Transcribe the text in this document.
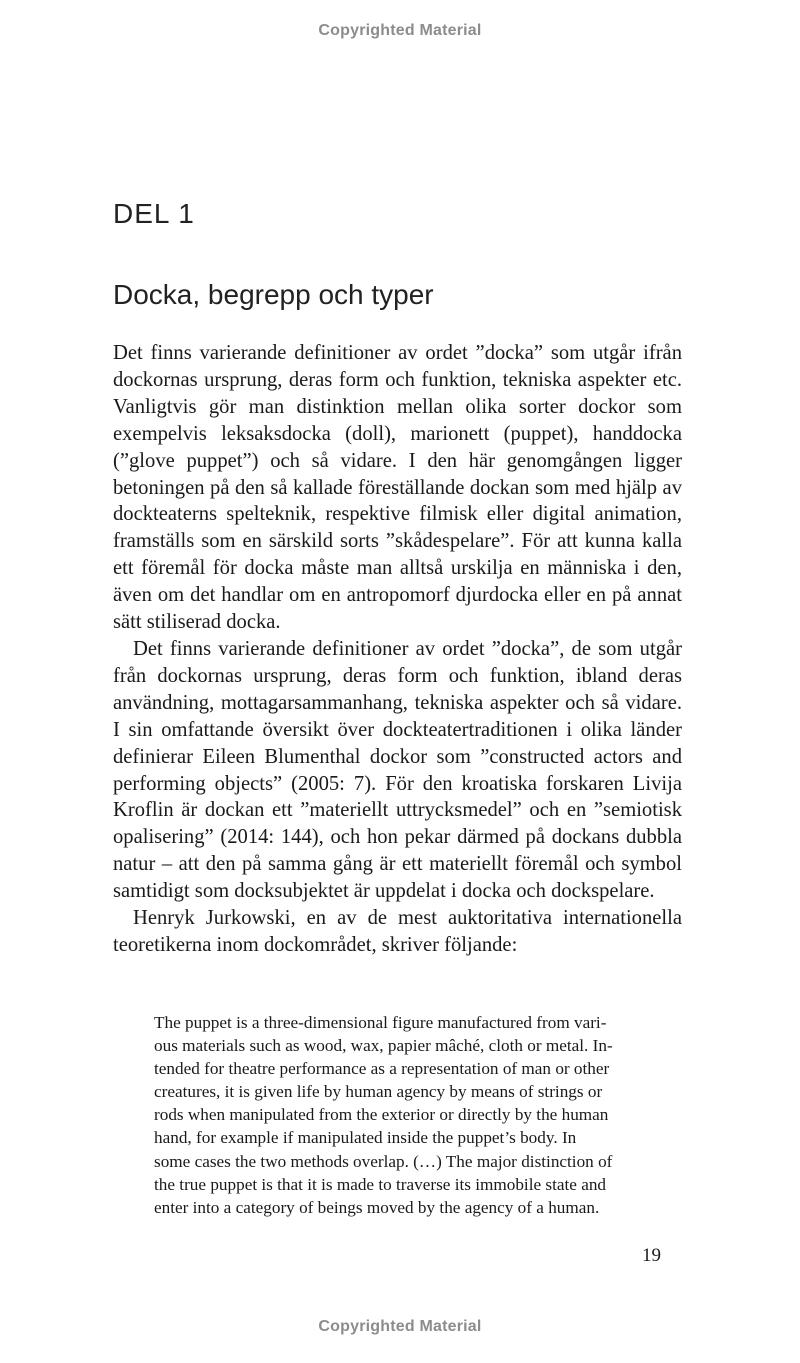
Copyrighted Material
DEL 1
Docka, begrepp och typer

Det finns varierande definitioner av ordet ”docka” som utgår ifrån dockornas ursprung, deras form och funktion, tekniska aspekter etc. Vanligtvis gör man distinktion mellan olika sorter dockor som exempelvis leksaksdocka (doll), marionett (puppet), handdocka (”glove puppet”) och så vidare. I den här genomgången ligger betoningen på den så kallade föreställande dockan som med hjälp av dockteaterns spelteknik, respektive filmisk eller digital animation, framställs som en särskild sorts ”skådespelare”. För att kunna kalla ett föremål för docka måste man alltså urskilja en människa i den, även om det handlar om en antropomorf djurdocka eller en på annat sätt stiliserad docka.

Det finns varierande definitioner av ordet ”docka”, de som utgår från dockornas ursprung, deras form och funktion, ibland deras användning, mottagarsammanhang, tekniska aspekter och så vidare. I sin omfattande översikt över dockteatertraditionen i olika länder definierar Eileen Blumenthal dockor som ”constructed actors and performing objects” (2005: 7). För den kroatiska forskaren Livija Kroflin är dockan ett ”materiellt uttrycksmedel” och en ”semiotisk opalisering” (2014: 144), och hon pekar därmed på dockans dubbla natur – att den på samma gång är ett materiellt föremål och symbol samtidigt som docksubjektet är uppdelat i docka och dockspelare.

Henryk Jurkowski, en av de mest auktoritativa internationella teoretikerna inom dockområdet, skriver följande:

The puppet is a three-dimensional figure manufactured from vari-
ous materials such as wood, wax, papier mâché, cloth or metal. In-
tended for theatre performance as a representation of man or other
creatures, it is given life by human agency by means of strings or
rods when manipulated from the exterior or directly by the human
hand, for example if manipulated inside the puppet’s body. In
some cases the two methods overlap. (…) The major distinction of
the true puppet is that it is made to traverse its immobile state and
enter into a category of beings moved by the agency of a human.
19
Copyrighted Material
